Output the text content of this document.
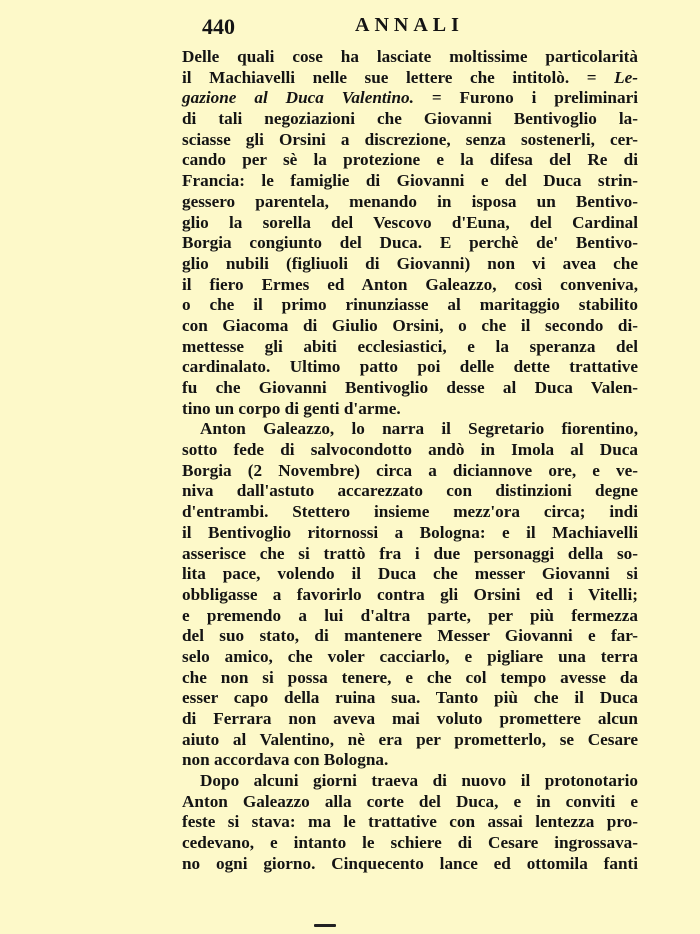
440	ANNALI
Delle quali cose ha lasciate moltissime particolarità
il Machiavelli nelle sue lettere che intitolò. = Le-
gazione al Duca Valentino. = Furono i preliminari
di tali negoziazioni che Giovanni Bentivoglio la-
sciasse gli Orsini a discrezione, senza sostenerli, cer-
cando per sè la protezione e la difesa del Re di
Francia: le famiglie di Giovanni e del Duca strin-
gessero parentela, menando in isposa un Bentivo-
glio la sorella del Vescovo d'Euna, del Cardinal
Borgia congiunto del Duca. E perchè de' Bentivo-
glio nubili (figliuoli di Giovanni) non vi avea che
il fiero Ermes ed Anton Galeazzo, così conveniva,
o che il primo rinunziasse al maritaggio stabilito
con Giacoma di Giulio Orsini, o che il secondo di-
mettesse gli abiti ecclesiastici, e la speranza del
cardinalato. Ultimo patto poi delle dette trattative
fu che Giovanni Bentivoglio desse al Duca Valen-
tino un corpo di genti d'arme.
Anton Galeazzo, lo narra il Segretario fiorentino,
sotto fede di salvocondotto andò in Imola al Duca
Borgia (2 Novembre) circa a diciannove ore, e ve-
niva dall'astuto accarezzato con distinzioni degne
d'entrambi. Stettero insieme mezz'ora circa; indi
il Bentivoglio ritornossi a Bologna: e il Machiavelli
asserisce che si trattò fra i due personaggi della so-
lita pace, volendo il Duca che messer Giovanni si
obbligasse a favorirlo contra gli Orsini ed i Vitelli;
e premendo a lui d'altra parte, per più fermezza
del suo stato, di mantenere Messer Giovanni e far-
selo amico, che voler cacciarlo, e pigliare una terra
che non si possa tenere, e che col tempo avesse da
esser capo della ruina sua. Tanto più che il Duca
di Ferrara non aveva mai voluto promettere alcun
aiuto al Valentino, nè era per prometterlo, se Cesare
non accordava con Bologna.
Dopo alcuni giorni traeva di nuovo il protonotario
Anton Galeazzo alla corte del Duca, e in conviti e
feste si stava: ma le trattative con assai lentezza pro-
cedevano, e intanto le schiere di Cesare ingrossava-
no ogni giorno. Cinquecento lance ed ottomila fanti
